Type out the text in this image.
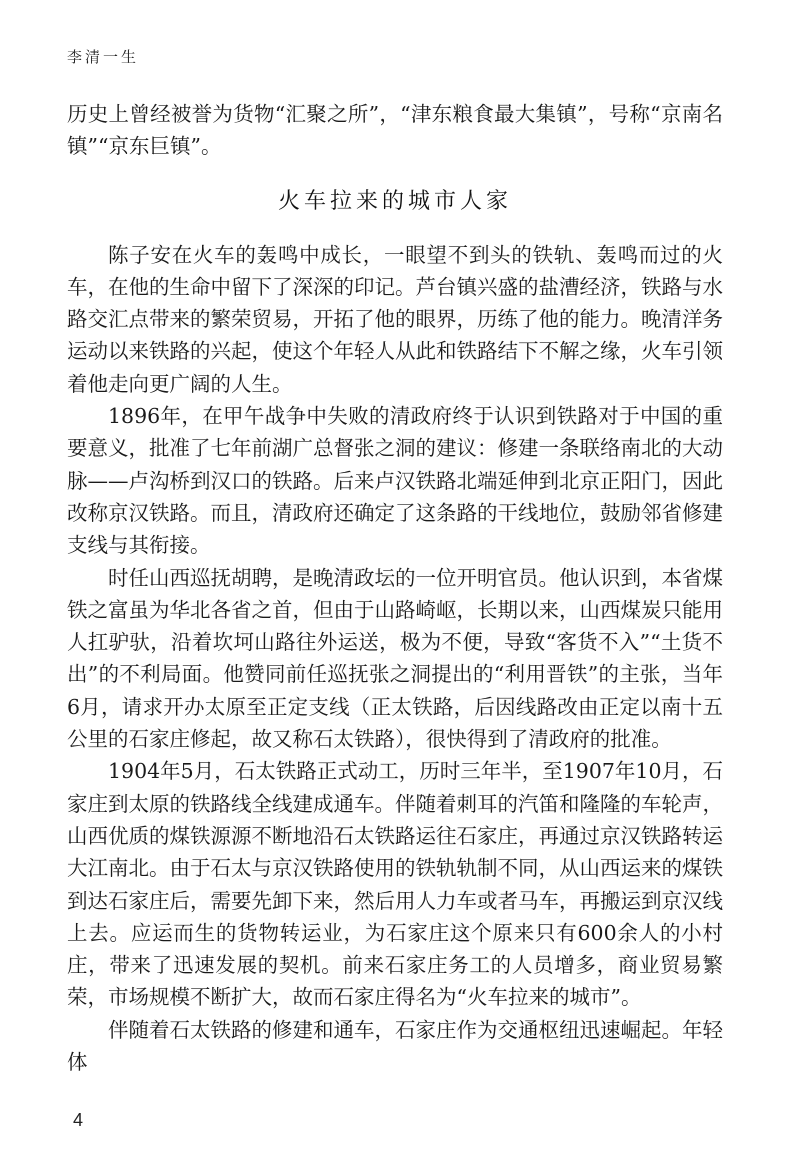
李清一生

历史上曾经被誉为货物“汇聚之所”，“津东粮食最大集镇”，号称“京南名镇”“京东巨镇”。

火车拉来的城市人家

陈子安在火车的轰鸣中成长，一眼望不到头的铁轨、轰鸣而过的火车，在他的生命中留下了深深的印记。芦台镇兴盛的盐漕经济，铁路与水路交汇点带来的繁荣贸易，开拓了他的眼界，历练了他的能力。晚清洋务运动以来铁路的兴起，使这个年轻人从此和铁路结下不解之缘，火车引领着他走向更广阔的人生。

1896年，在甲午战争中失败的清政府终于认识到铁路对于中国的重要意义，批准了七年前湖广总督张之洞的建议：修建一条联络南北的大动脉——卢沟桥到汉口的铁路。后来卢汉铁路北端延伸到北京正阳门，因此改称京汉铁路。而且，清政府还确定了这条路的干线地位，鼓励邻省修建支线与其衔接。

时任山西巡抚胡聘，是晚清政坛的一位开明官员。他认识到，本省煤铁之富虽为华北各省之首，但由于山路崎岖，长期以来，山西煤炭只能用人扛驴驮，沿着坎坷山路往外运送，极为不便，导致“客货不入”“土货不出”的不利局面。他赞同前任巡抚张之洞提出的“利用晋铁”的主张，当年6月，请求开办太原至正定支线（正太铁路，后因线路改由正定以南十五公里的石家庄修起，故又称石太铁路），很快得到了清政府的批准。

1904年5月，石太铁路正式动工，历时三年半，至1907年10月，石家庄到太原的铁路线全线建成通车。伴随着刺耳的汽笛和隆隆的车轮声，山西优质的煤铁源源不断地沿石太铁路运往石家庄，再通过京汉铁路转运大江南北。由于石太与京汉铁路使用的铁轨轨制不同，从山西运来的煤铁到达石家庄后，需要先卸下来，然后用人力车或者马车，再搬运到京汉线上去。应运而生的货物转运业，为石家庄这个原来只有600余人的小村庄，带来了迅速发展的契机。前来石家庄务工的人员增多，商业贸易繁荣，市场规模不断扩大，故而石家庄得名为“火车拉来的城市”。

伴随着石太铁路的修建和通车，石家庄作为交通枢纽迅速崛起。年轻体

4
